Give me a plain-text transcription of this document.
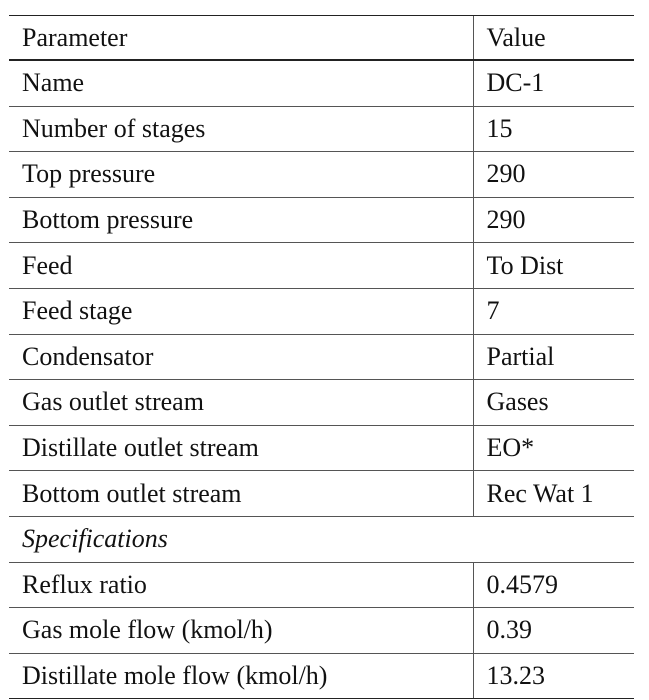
Parameter	Value
Name	DC-1
Number of stages	15
Top pressure	290
Bottom pressure	290
Feed	To Dist
Feed stage	7
Condensator	Partial
Gas outlet stream	Gases
Distillate outlet stream	EO*
Bottom outlet stream	Rec Wat 1
Specifications	
Reflux ratio	0.4579
Gas mole flow (kmol/h)	0.39
Distillate mole flow (kmol/h)	13.23
